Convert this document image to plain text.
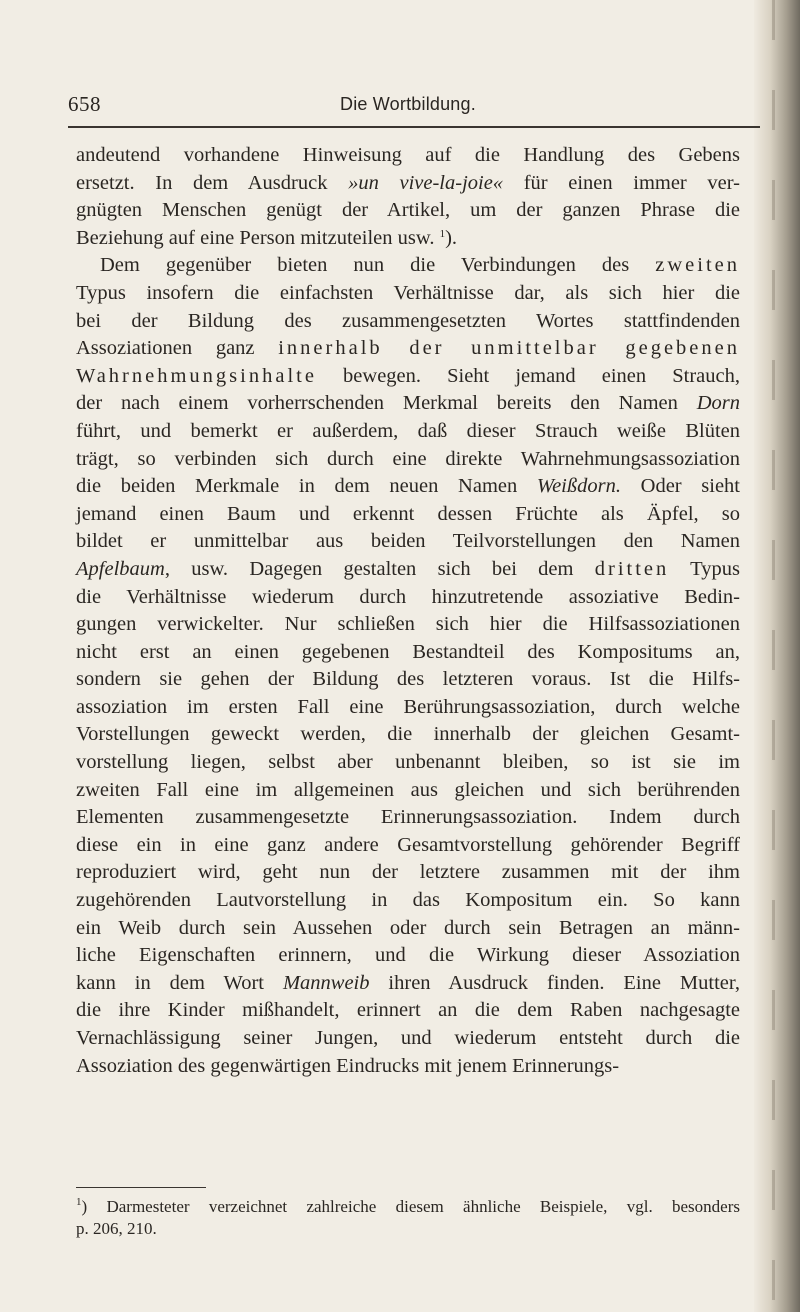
658	Die Wortbildung.
andeutend vorhandene Hinweisung auf die Handlung des Gebens
ersetzt. In dem Ausdruck »un vive-la-joie« für einen immer ver-
gnügten Menschen genügt der Artikel, um der ganzen Phrase die
Beziehung auf eine Person mitzuteilen usw. $^1$).
Dem gegenüber bieten nun die Verbindungen des zweiten
Typus insofern die einfachsten Verhältnisse dar, als sich hier die
bei der Bildung des zusammengesetzten Wortes stattfindenden
Assoziationen ganz innerhalb der unmittelbar gegebenen
Wahrnehmungsinhalte bewegen. Sieht jemand einen Strauch,
der nach einem vorherrschenden Merkmal bereits den Namen Dorn
führt, und bemerkt er außerdem, daß dieser Strauch weiße Blüten
trägt, so verbinden sich durch eine direkte Wahrnehmungsassoziation
die beiden Merkmale in dem neuen Namen Weißdorn. Oder sieht
jemand einen Baum und erkennt dessen Früchte als Äpfel, so
bildet er unmittelbar aus beiden Teilvorstellungen den Namen
Apfelbaum, usw. Dagegen gestalten sich bei dem dritten Typus
die Verhältnisse wiederum durch hinzutretende assoziative Bedin-
gungen verwickelter. Nur schließen sich hier die Hilfsassoziationen
nicht erst an einen gegebenen Bestandteil des Kompositums an,
sondern sie gehen der Bildung des letzteren voraus. Ist die Hilfs-
assoziation im ersten Fall eine Berührungsassoziation, durch welche
Vorstellungen geweckt werden, die innerhalb der gleichen Gesamt-
vorstellung liegen, selbst aber unbenannt bleiben, so ist sie im
zweiten Fall eine im allgemeinen aus gleichen und sich berührenden
Elementen zusammengesetzte Erinnerungsassoziation. Indem durch
diese ein in eine ganz andere Gesamtvorstellung gehörender Begriff
reproduziert wird, geht nun der letztere zusammen mit der ihm
zugehörenden Lautvorstellung in das Kompositum ein. So kann
ein Weib durch sein Aussehen oder durch sein Betragen an männ-
liche Eigenschaften erinnern, und die Wirkung dieser Assoziation
kann in dem Wort Mannweib ihren Ausdruck finden. Eine Mutter,
die ihre Kinder mißhandelt, erinnert an die dem Raben nachgesagte
Vernachlässigung seiner Jungen, und wiederum entsteht durch die
Assoziation des gegenwärtigen Eindrucks mit jenem Erinnerungs-
$^1$) Darmesteter verzeichnet zahlreiche diesem ähnliche Beispiele, vgl. besonders
p. 206, 210.
